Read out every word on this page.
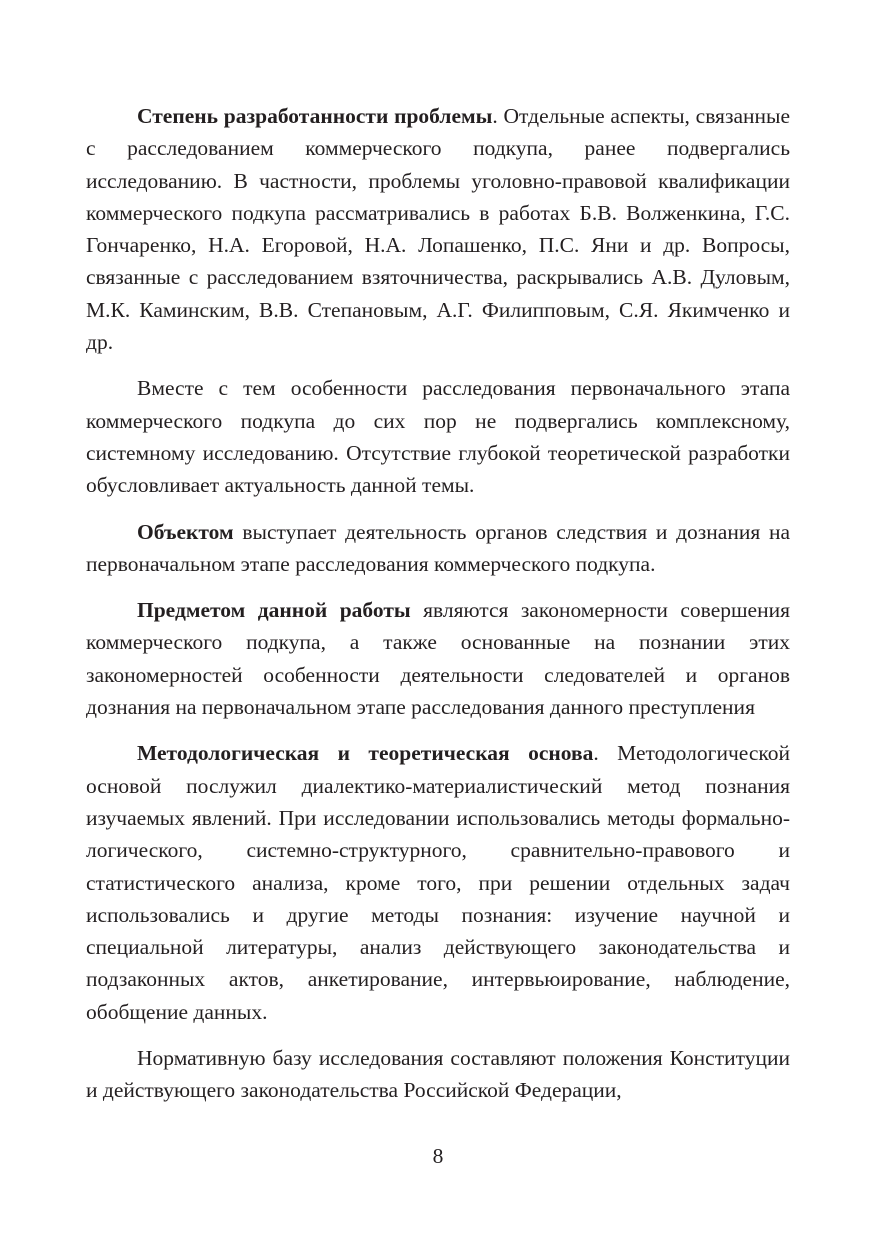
Степень разработанности проблемы. Отдельные аспекты, связанные с расследованием коммерческого подкупа, ранее подвергались исследованию. В частности, проблемы уголовно-правовой квалификации коммерческого подкупа рассматривались в работах Б.В. Волженкина, Г.С. Гончаренко, Н.А. Егоровой, Н.А. Лопашенко, П.С. Яни и др. Вопросы, связанные с расследованием взяточничества, раскрывались А.В. Дуловым, М.К. Каминским, В.В. Степановым, А.Г. Филипповым, С.Я. Якимченко и др.

Вместе с тем особенности расследования первоначального этапа коммерческого подкупа до сих пор не подвергались комплексному, системному исследованию. Отсутствие глубокой теоретической разработки обусловливает актуальность данной темы.

Объектом выступает деятельность органов следствия и дознания на первоначальном этапе расследования коммерческого подкупа.

Предметом данной работы являются закономерности совершения коммерческого подкупа, а также основанные на познании этих закономерностей особенности деятельности следователей и органов дознания на первоначальном этапе расследования данного преступления

Методологическая и теоретическая основа. Методологической основой послужил диалектико-материалистический метод познания изучаемых явлений. При исследовании использовались методы формально-логического, системно-структурного, сравнительно-правового и статистического анализа, кроме того, при решении отдельных задач использовались и другие методы познания: изучение научной и специальной литературы, анализ действующего законодательства и подзаконных актов, анкетирование, интервьюирование, наблюдение, обобщение данных.

Нормативную базу исследования составляют положения Конституции и действующего законодательства Российской Федерации,

8
